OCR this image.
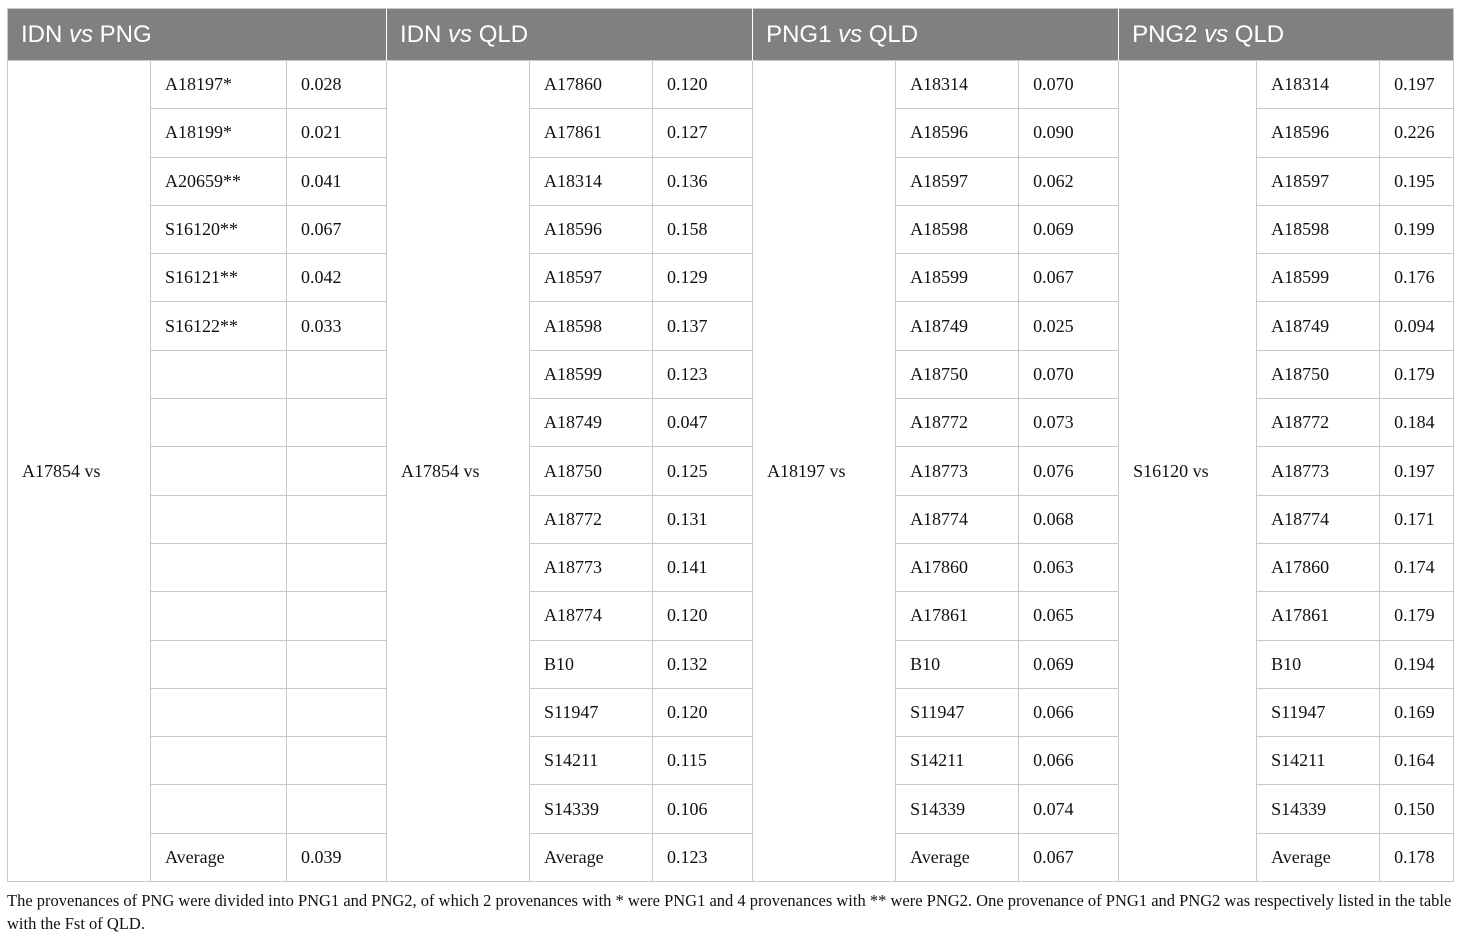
IDN vs PNG			IDN vs QLD			PNG1 vs QLD			PNG2 vs QLD		
A17854 vs	A18197*	0.028	A17854 vs	A17860	0.120	A18197 vs	A18314	0.070	S16120 vs	A18314	0.197
	A18199*	0.021		A17861	0.127		A18596	0.090		A18596	0.226
	A20659**	0.041		A18314	0.136		A18597	0.062		A18597	0.195
	S16120**	0.067		A18596	0.158		A18598	0.069		A18598	0.199
	S16121**	0.042		A18597	0.129		A18599	0.067		A18599	0.176
	S16122**	0.033		A18598	0.137		A18749	0.025		A18749	0.094
				A18599	0.123		A18750	0.070		A18750	0.179
				A18749	0.047		A18772	0.073		A18772	0.184
				A18750	0.125		A18773	0.076		A18773	0.197
				A18772	0.131		A18774	0.068		A18774	0.171
				A18773	0.141		A17860	0.063		A17860	0.174
				A18774	0.120		A17861	0.065		A17861	0.179
				B10	0.132		B10	0.069		B10	0.194
				S11947	0.120		S11947	0.066		S11947	0.169
				S14211	0.115		S14211	0.066		S14211	0.164
				S14339	0.106		S14339	0.074		S14339	0.150
	Average	0.039		Average	0.123		Average	0.067		Average	0.178
The provenances of PNG were divided into PNG1 and PNG2, of which 2 provenances with * were PNG1 and 4 provenances with ** were PNG2. One provenance of PNG1 and PNG2 was respectively listed in the table with the Fst of QLD.
